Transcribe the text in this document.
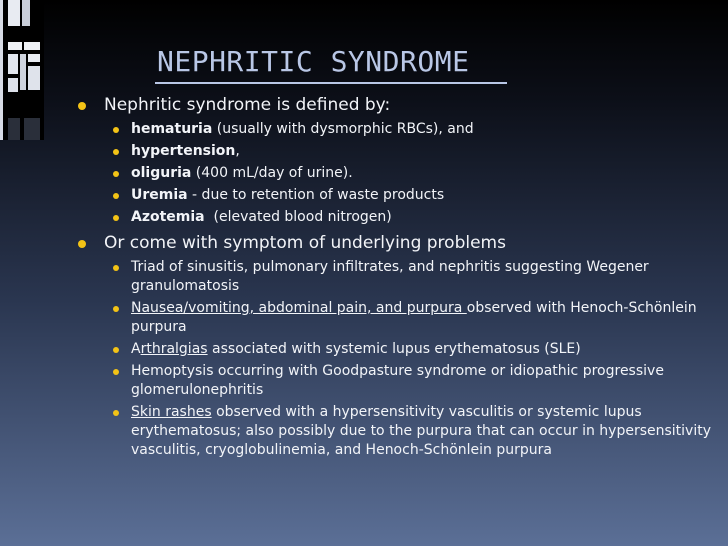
NEPHRITIC SYNDROME
Nephritic syndrome is defined by:
hematuria (usually with dysmorphic RBCs), and
hypertension,
oliguria (400 mL/day of urine).
Uremia - due to retention of waste products
Azotemia  (elevated blood nitrogen)
Or come with symptom of underlying problems
Triad of sinusitis, pulmonary infiltrates, and nephritis suggesting Wegener granulomatosis
Nausea/vomiting, abdominal pain, and purpura observed with Henoch-Schönlein purpura
Arthralgias associated with systemic lupus erythematosus (SLE)
Hemoptysis occurring with Goodpasture syndrome or idiopathic progressive glomerulonephritis
Skin rashes observed with a hypersensitivity vasculitis or systemic lupus erythematosus; also possibly due to the purpura that can occur in hypersensitivity vasculitis, cryoglobulinemia, and Henoch-Schönlein purpura
